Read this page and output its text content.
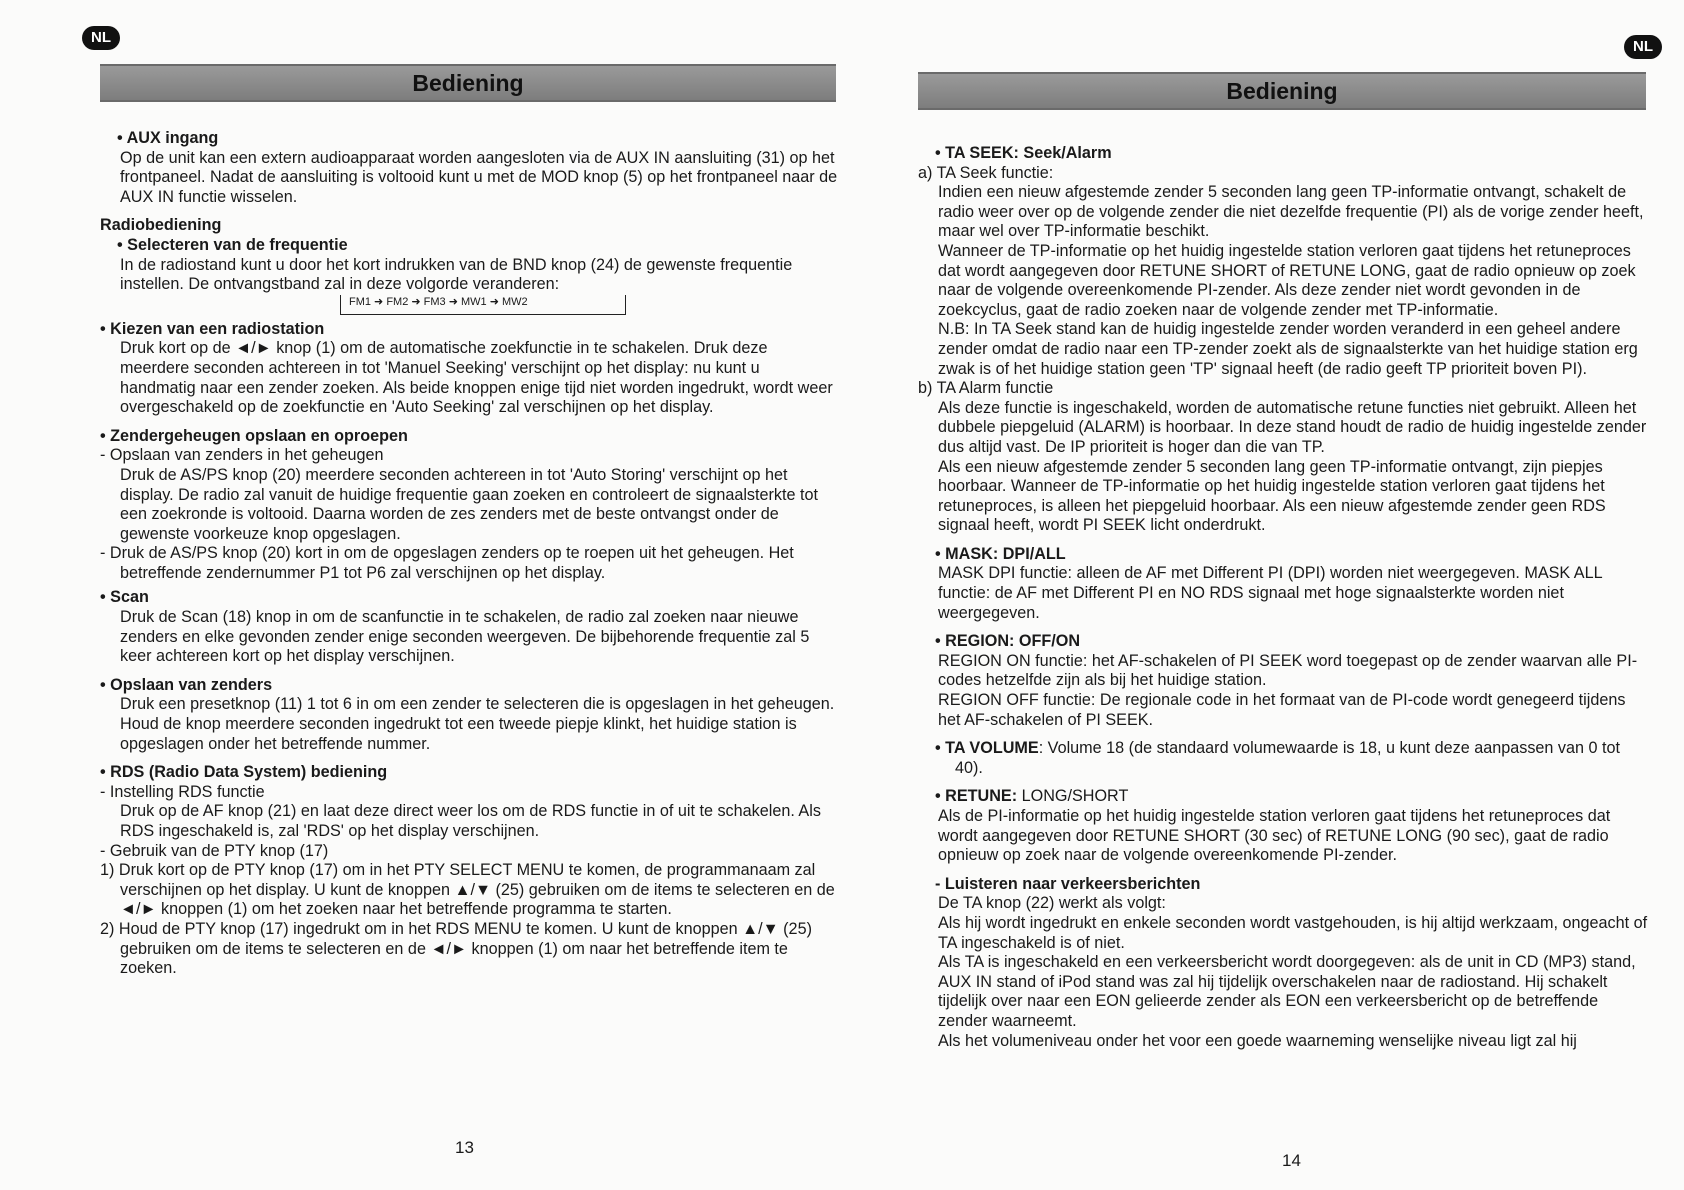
NL
Bediening

• AUX ingang

Op de unit kan een extern audioapparaat worden aangesloten via de AUX IN aansluiting (31) op het frontpaneel. Nadat de aansluiting is voltooid kunt u met de MOD knop (5) op het frontpaneel naar de AUX IN functie wisselen.

Radiobediening

• Selecteren van de frequentie

In de radiostand kunt u door het kort indrukken van de BND knop (24) de gewenste frequentie instellen. De ontvangstband zal in deze volgorde veranderen:

FM1 ➜ FM2 ➜ FM3 ➜ MW1 ➜ MW2

• Kiezen van een radiostation

Druk kort op de ◄/► knop (1) om de automatische zoekfunctie in te schakelen. Druk deze meerdere seconden achtereen in tot 'Manuel Seeking' verschijnt op het display: nu kunt u handmatig naar een zender zoeken. Als beide knoppen enige tijd niet worden ingedrukt, wordt weer overgeschakeld op de zoekfunctie en 'Auto Seeking' zal verschijnen op het display.

• Zendergeheugen opslaan en oproepen

- Opslaan van zenders in het geheugen

Druk de AS/PS knop (20) meerdere seconden achtereen in tot 'Auto Storing' verschijnt op het display. De radio zal vanuit de huidige frequentie gaan zoeken en controleert de signaalsterkte tot een zoekronde is voltooid. Daarna worden de zes zenders met de beste ontvangst onder de gewenste voorkeuze knop opgeslagen.

- Druk de AS/PS knop (20) kort in om de opgeslagen zenders op te roepen uit het geheugen. Het betreffende zendernummer P1 tot P6 zal verschijnen op het display.

• Scan

Druk de Scan (18) knop in om de scanfunctie in te schakelen, de radio zal zoeken naar nieuwe zenders en elke gevonden zender enige seconden weergeven. De bijbehorende frequentie zal 5 keer achtereen kort op het display verschijnen.

• Opslaan van zenders

Druk een presetknop (11) 1 tot 6 in om een zender te selecteren die is opgeslagen in het geheugen. Houd de knop meerdere seconden ingedrukt tot een tweede piepje klinkt, het huidige station is opgeslagen onder het betreffende nummer.

• RDS (Radio Data System) bediening

- Instelling RDS functie

Druk op de AF knop (21) en laat deze direct weer los om de RDS functie in of uit te schakelen. Als RDS ingeschakeld is, zal 'RDS' op het display verschijnen.

- Gebruik van de PTY knop (17)

1) Druk kort op de PTY knop (17) om in het PTY SELECT MENU te komen, de programmanaam zal verschijnen op het display. U kunt de knoppen ▲/▼ (25) gebruiken om de items te selecteren en de ◄/► knoppen (1) om het zoeken naar het betreffende programma te starten.

2) Houd de PTY knop (17) ingedrukt om in het RDS MENU te komen. U kunt de knoppen ▲/▼ (25) gebruiken om de items te selecteren en de ◄/► knoppen (1) om naar het betreffende item te zoeken.

13
NL
Bediening

• TA SEEK: Seek/Alarm

a) TA Seek functie:

Indien een nieuw afgestemde zender 5 seconden lang geen TP-informatie ontvangt, schakelt de radio weer over op de volgende zender die niet dezelfde frequentie (PI) als de vorige zender heeft, maar wel over TP-informatie beschikt.

Wanneer de TP-informatie op het huidig ingestelde station verloren gaat tijdens het retuneproces dat wordt aangegeven door RETUNE SHORT of RETUNE LONG, gaat de radio opnieuw op zoek naar de volgende overeenkomende PI-zender. Als deze zender niet wordt gevonden in de zoekcyclus, gaat de radio zoeken naar de volgende zender met TP-informatie.

N.B: In TA Seek stand kan de huidig ingestelde zender worden veranderd in een geheel andere zender omdat de radio naar een TP-zender zoekt als de signaalsterkte van het huidige station erg zwak is of het huidige station geen 'TP' signaal heeft (de radio geeft TP prioriteit boven PI).

b) TA Alarm functie

Als deze functie is ingeschakeld, worden de automatische retune functies niet gebruikt. Alleen het dubbele piepgeluid (ALARM) is hoorbaar. In deze stand houdt de radio de huidig ingestelde zender dus altijd vast. De IP prioriteit is hoger dan die van TP.

Als een nieuw afgestemde zender 5 seconden lang geen TP-informatie ontvangt, zijn piepjes hoorbaar. Wanneer de TP-informatie op het huidig ingestelde station verloren gaat tijdens het retuneproces, is alleen het piepgeluid hoorbaar. Als een nieuw afgestemde zender geen RDS signaal heeft, wordt PI SEEK licht onderdrukt.

• MASK: DPI/ALL

MASK DPI functie: alleen de AF met Different PI (DPI) worden niet weergegeven. MASK ALL functie: de AF met Different PI en NO RDS signaal met hoge signaalsterkte worden niet weergegeven.

• REGION: OFF/ON

REGION ON functie: het AF-schakelen of PI SEEK word toegepast op de zender waarvan alle PI-codes hetzelfde zijn als bij het huidige station.

REGION OFF functie: De regionale code in het formaat van de PI-code wordt genegeerd tijdens het AF-schakelen of PI SEEK.

• TA VOLUME: Volume 18 (de standaard volumewaarde is 18, u kunt deze aanpassen van 0 tot 40).

• RETUNE: LONG/SHORT

Als de PI-informatie op het huidig ingestelde station verloren gaat tijdens het retuneproces dat wordt aangegeven door RETUNE SHORT (30 sec) of RETUNE LONG (90 sec), gaat de radio opnieuw op zoek naar de volgende overeenkomende PI-zender.

- Luisteren naar verkeersberichten

De TA knop (22) werkt als volgt:

Als hij wordt ingedrukt en enkele seconden wordt vastgehouden, is hij altijd werkzaam, ongeacht of TA ingeschakeld is of niet.

Als TA is ingeschakeld en een verkeersbericht wordt doorgegeven: als de unit in CD (MP3) stand, AUX IN stand of iPod stand was zal hij tijdelijk overschakelen naar de radiostand. Hij schakelt tijdelijk over naar een EON gelieerde zender als EON een verkeersbericht op de betreffende zender waarneemt.

Als het volumeniveau onder het voor een goede waarneming wenselijke niveau ligt zal hij

14
